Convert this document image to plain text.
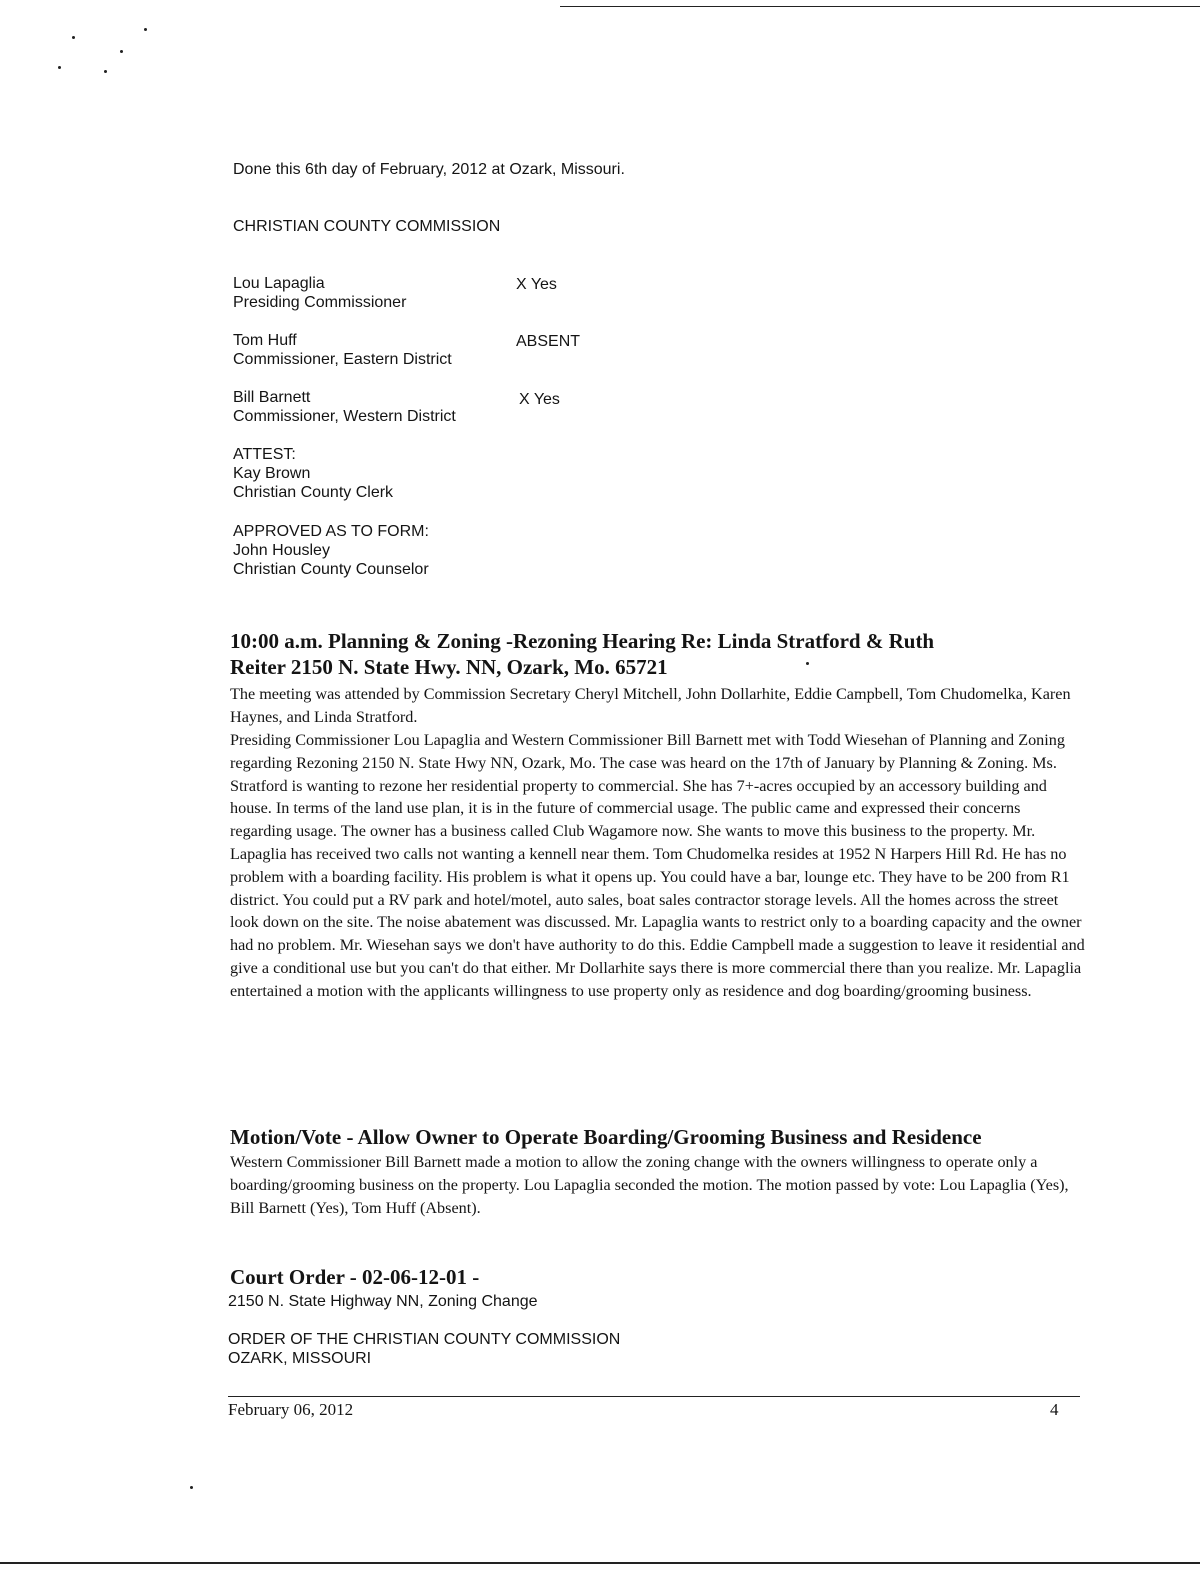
Done this 6th day of February, 2012 at Ozark, Missouri.
CHRISTIAN COUNTY COMMISSION
Lou Lapaglia
Presiding Commissioner
X Yes
Tom Huff
Commissioner, Eastern District
ABSENT
Bill Barnett
Commissioner, Western District
X Yes
ATTEST:
Kay Brown
Christian County Clerk
APPROVED AS TO FORM:
John Housley
Christian County Counselor
10:00 a.m. Planning & Zoning -Rezoning Hearing Re: Linda Stratford & Ruth
Reiter 2150 N. State Hwy. NN, Ozark, Mo. 65721

The meeting was attended by Commission Secretary Cheryl Mitchell, John Dollarhite, Eddie Campbell, Tom Chudomelka, Karen Haynes, and Linda Stratford.

Presiding Commissioner Lou Lapaglia and Western Commissioner Bill Barnett met with Todd Wiesehan of Planning and Zoning regarding Rezoning 2150 N. State Hwy NN, Ozark, Mo. The case was heard on the 17th of January by Planning & Zoning. Ms. Stratford is wanting to rezone her residential property to commercial. She has 7+-acres occupied by an accessory building and house. In terms of the land use plan, it is in the future of commercial usage. The public came and expressed their concerns regarding usage. The owner has a business called Club Wagamore now. She wants to move this business to the property. Mr. Lapaglia has received two calls not wanting a kennell near them. Tom Chudomelka resides at 1952 N Harpers Hill Rd. He has no problem with a boarding facility. His problem is what it opens up. You could have a bar, lounge etc. They have to be 200 from R1 district. You could put a RV park and hotel/motel, auto sales, boat sales contractor storage levels. All the homes across the street look down on the site. The noise abatement was discussed. Mr. Lapaglia wants to restrict only to a boarding capacity and the owner had no problem. Mr. Wiesehan says we don't have authority to do this. Eddie Campbell made a suggestion to leave it residential and give a conditional use but you can't do that either. Mr Dollarhite says there is more commercial there than you realize. Mr. Lapaglia entertained a motion with the applicants willingness to use property only as residence and dog boarding/grooming business.

Motion/Vote - Allow Owner to Operate Boarding/Grooming Business and Residence

Western Commissioner Bill Barnett made a motion to allow the zoning change with the owners willingness to operate only a boarding/grooming business on the property. Lou Lapaglia seconded the motion. The motion passed by vote: Lou Lapaglia (Yes), Bill Barnett (Yes), Tom Huff (Absent).

Court Order - 02-06-12-01 -
2150 N. State Highway NN, Zoning Change
ORDER OF THE CHRISTIAN COUNTY COMMISSION
OZARK, MISSOURI
February 06, 2012	4
